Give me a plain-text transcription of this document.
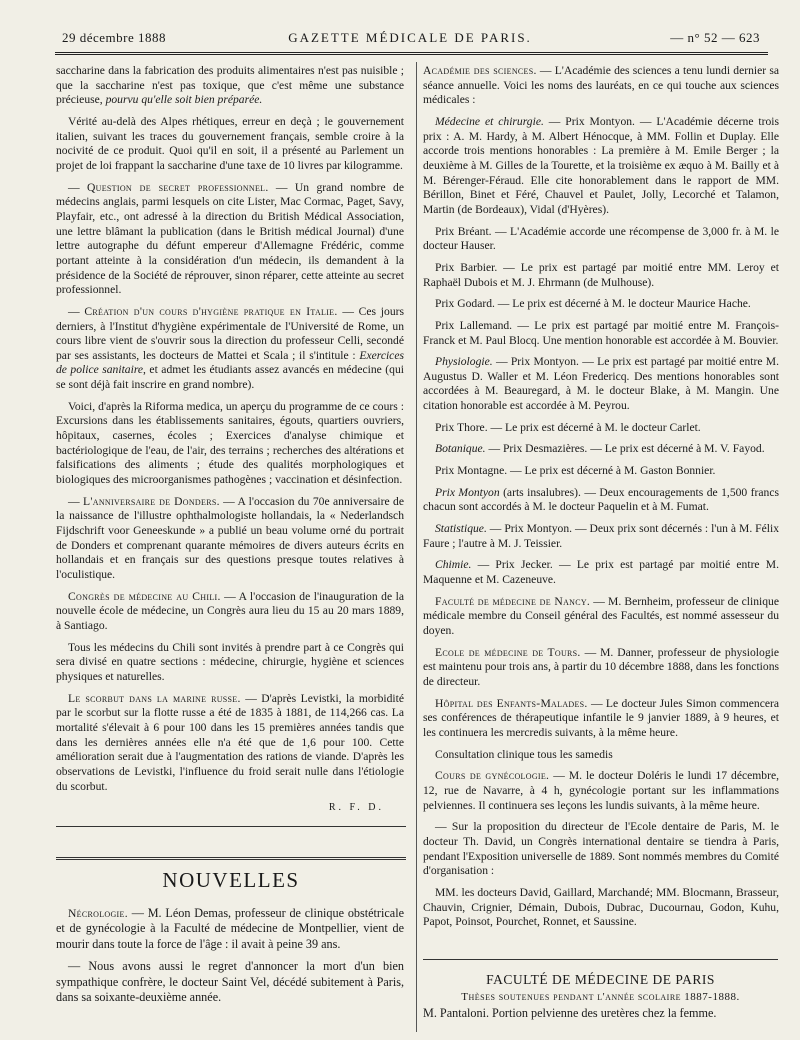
29 décembre 1888	GAZETTE MÉDICALE DE PARIS.	— n° 52 — 623

saccharine dans la fabrication des produits alimentaires n'est pas nuisible ; que la saccharine n'est pas toxique, que c'est même une substance précieuse, pourvu qu'elle soit bien préparée.

Vérité au-delà des Alpes rhétiques, erreur en deçà ; le gouvernement italien, suivant les traces du gouvernement français, semble croire à la nocivité de ce produit. Quoi qu'il en soit, il a présenté au Parlement un projet de loi frappant la saccharine d'une taxe de 10 livres par kilogramme.

— Question de secret professionnel. — Un grand nombre de médecins anglais, parmi lesquels on cite Lister, Mac Cormac, Paget, Savy, Playfair, etc., ont adressé à la direction du British Médical Association, une lettre blâmant la publication (dans le British médical Journal) d'une lettre autographe du défunt empereur d'Allemagne Frédéric, comme portant atteinte à la considération d'un médecin, ils demandent à la présidence de la Société de réprouver, sinon réparer, cette atteinte au secret professionnel.

— Création d'un cours d'hygiène pratique en Italie. — Ces jours derniers, à l'Institut d'hygiène expérimentale de l'Université de Rome, un cours libre vient de s'ouvrir sous la direction du professeur Celli, secondé par ses assistants, les docteurs de Mattei et Scala ; il s'intitule : Exercices de police sanitaire, et admet les étudiants assez avancés en médecine (qui se sont déjà fait inscrire en grand nombre).

Voici, d'après la Riforma medica, un aperçu du programme de ce cours : Excursions dans les établissements sanitaires, égouts, quartiers ouvriers, hôpitaux, casernes, écoles ; Exercices d'analyse chimique et bactériologique de l'eau, de l'air, des terrains ; recherches des altérations et falsifications des aliments ; étude des qualités morphologiques et biologiques des microorganismes pathogènes ; vaccination et désinfection.

— L'anniversaire de Donders. — A l'occasion du 70e anniversaire de la naissance de l'illustre ophthalmologiste hollandais, la « Nederlandsch Fijdschrift voor Geneeskunde » a publié un beau volume orné du portrait de Donders et comprenant quarante mémoires de divers auteurs écrits en hollandais et en français sur des questions presque toutes relatives à l'oculistique.

Congrès de médecine au Chili. — A l'occasion de l'inauguration de la nouvelle école de médecine, un Congrès aura lieu du 15 au 20 mars 1889, à Santiago.

Tous les médecins du Chili sont invités à prendre part à ce Congrès qui sera divisé en quatre sections : médecine, chirurgie, hygiène et sciences physiques et naturelles.

Le scorbut dans la marine russe. — D'après Levistki, la morbidité par le scorbut sur la flotte russe a été de 1835 à 1881, de 114,266 cas. La mortalité s'élevait à 6 pour 100 dans les 15 premières années tandis que dans les dernières années elle n'a été que de 1,6 pour 100. Cette amélioration serait due à l'augmentation des rations de viande. D'après les observations de Levistki, l'influence du froid serait nulle dans l'étiologie du scorbut.

R. F. D.
NOUVELLES

Nécrologie. — M. Léon Demas, professeur de clinique obstétricale et de gynécologie à la Faculté de médecine de Montpellier, vient de mourir dans toute la force de l'âge : il avait à peine 39 ans.

— Nous avons aussi le regret d'annoncer la mort d'un bien sympathique confrère, le docteur Saint Vel, décédé subitement à Paris, dans sa soixante-deuxième année.

Académie des sciences. — L'Académie des sciences a tenu lundi dernier sa séance annuelle. Voici les noms des lauréats, en ce qui touche aux sciences médicales :

Médecine et chirurgie. — Prix Montyon. — L'Académie décerne trois prix : A. M. Hardy, à M. Albert Hénocque, à MM. Follin et Duplay. Elle accorde trois mentions honorables : La première à M. Emile Berger ; la deuxième à M. Gilles de la Tourette, et la troisième ex æquo à M. Bailly et à M. Bérenger-Féraud. Elle cite honorablement dans le rapport de MM. Bérillon, Binet et Féré, Chauvel et Paulet, Jolly, Lecorché et Talamon, Martin (de Bordeaux), Vidal (d'Hyères).

Prix Bréant. — L'Académie accorde une récompense de 3,000 fr. à M. le docteur Hauser.

Prix Barbier. — Le prix est partagé par moitié entre MM. Leroy et Raphaël Dubois et M. J. Ehrmann (de Mulhouse).

Prix Godard. — Le prix est décerné à M. le docteur Maurice Hache.

Prix Lallemand. — Le prix est partagé par moitié entre M. François-Franck et M. Paul Blocq. Une mention honorable est accordée à M. Bouvier.

Physiologie. — Prix Montyon. — Le prix est partagé par moitié entre M. Augustus D. Waller et M. Léon Fredericq. Des mentions honorables sont accordées à M. Beauregard, à M. le docteur Blake, à M. Mangin. Une citation honorable est accordée à M. Peyrou.

Prix Thore. — Le prix est décerné à M. le docteur Carlet.

Botanique. — Prix Desmazières. — Le prix est décerné à M. V. Fayod.

Prix Montagne. — Le prix est décerné à M. Gaston Bonnier.

Prix Montyon (arts insalubres). — Deux encouragements de 1,500 francs chacun sont accordés à M. le docteur Paquelin et à M. Fumat.

Statistique. — Prix Montyon. — Deux prix sont décernés : l'un à M. Félix Faure ; l'autre à M. J. Teissier.

Chimie. — Prix Jecker. — Le prix est partagé par moitié entre M. Maquenne et M. Cazeneuve.

Faculté de médecine de Nancy. — M. Bernheim, professeur de clinique médicale membre du Conseil général des Facultés, est nommé assesseur du doyen.

Ecole de médecine de Tours. — M. Danner, professeur de physiologie est maintenu pour trois ans, à partir du 10 décembre 1888, dans les fonctions de directeur.

Hôpital des Enfants-Malades. — Le docteur Jules Simon commencera ses conférences de thérapeutique infantile le 9 janvier 1889, à 9 heures, et les continuera les mercredis suivants, à la même heure.

Consultation clinique tous les samedis

Cours de gynécologie. — M. le docteur Doléris le lundi 17 décembre, 12, rue de Navarre, à 4 h, gynécologie portant sur les inflammations pelviennes. Il continuera ses leçons les lundis suivants, à la même heure.

— Sur la proposition du directeur de l'Ecole dentaire de Paris, M. le docteur Th. David, un Congrès international dentaire se tiendra à Paris, pendant l'Exposition universelle de 1889. Sont nommés membres du Comité d'organisation :

MM. les docteurs David, Gaillard, Marchandé; MM. Blocmann, Brasseur, Chauvin, Crignier, Démain, Dubois, Dubrac, Ducournau, Godon, Kuhu, Papot, Poinsot, Pourchet, Ronnet, et Saussine.

FACULTÉ DE MÉDECINE DE PARIS
Thèses soutenues pendant l'année scolaire 1887-1888.
M. Pantaloni. Portion pelvienne des uretères chez la femme.
